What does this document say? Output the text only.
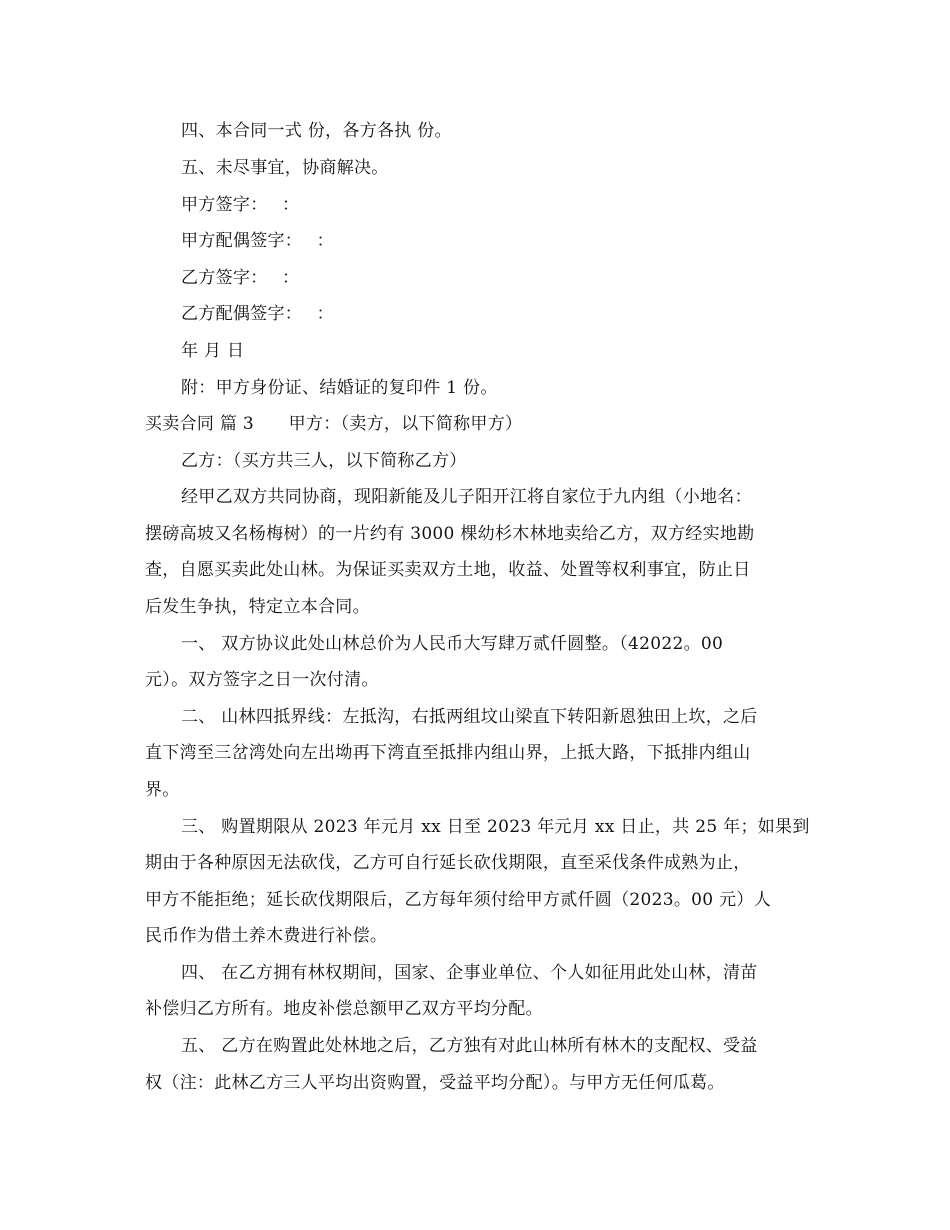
四、本合同一式 份，各方各执 份。
五、未尽事宜，协商解决。
甲方签字：　 ：
甲方配偶签字：　 ：
乙方签字：　 ：
乙方配偶签字：　 ：
年 月 日
附：甲方身份证、结婚证的复印件 1 份。
买卖合同 篇 3　　甲方：（卖方，以下简称甲方）
乙方：（买方共三人，以下简称乙方）
经甲乙双方共同协商，现阳新能及儿子阳开江将自家位于九内组（小地名：
摆磅高坡又名杨梅树）的一片约有 3000 棵幼杉木林地卖给乙方，双方经实地勘
查，自愿买卖此处山林。为保证买卖双方土地，收益、处置等权利事宜，防止日
后发生争执，特定立本合同。
一、 双方协议此处山林总价为人民币大写肆万贰仟圆整。（42022。00
元）。双方签字之日一次付清。
二、 山林四抵界线：左抵沟，右抵两组坟山梁直下转阳新恩独田上坎，之后
直下湾至三岔湾处向左出坳再下湾直至抵排内组山界，上抵大路，下抵排内组山
界。
三、 购置期限从 2023 年元月 xx 日至 2023 年元月 xx 日止，共 25 年；如果到
期由于各种原因无法砍伐，乙方可自行延长砍伐期限，直至采伐条件成熟为止，
甲方不能拒绝；延长砍伐期限后，乙方每年须付给甲方贰仟圆（2023。00 元）人
民币作为借土养木费进行补偿。
四、 在乙方拥有林权期间，国家、企事业单位、个人如征用此处山林，清苗
补偿归乙方所有。地皮补偿总额甲乙双方平均分配。
五、 乙方在购置此处林地之后，乙方独有对此山林所有林木的支配权、受益
权（注：此林乙方三人平均出资购置，受益平均分配）。与甲方无任何瓜葛。
